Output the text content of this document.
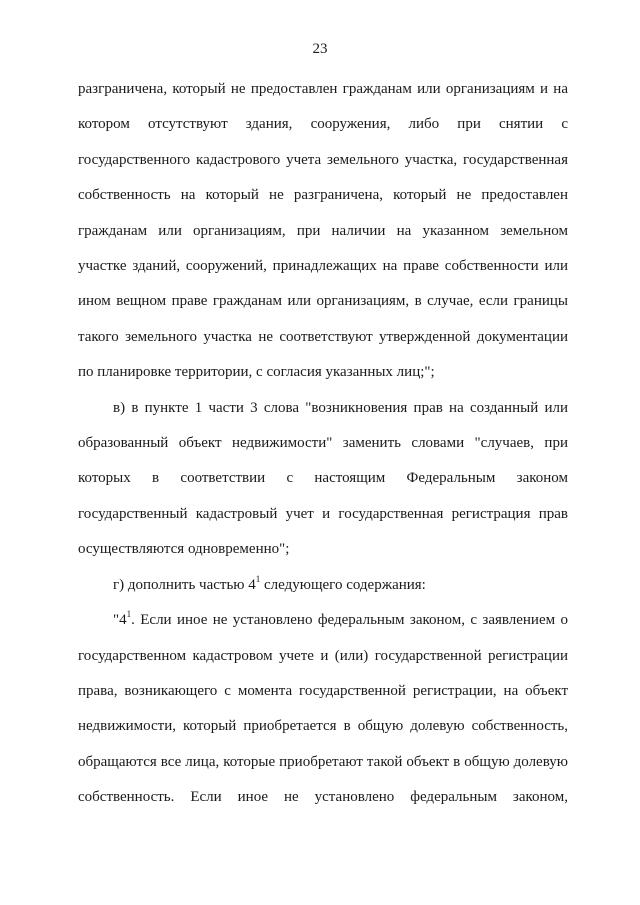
23

разграничена, который не предоставлен гражданам или организациям и на котором отсутствуют здания, сооружения, либо при снятии с государственного кадастрового учета земельного участка, государственная собственность на который не разграничена, который не предоставлен гражданам или организациям, при наличии на указанном земельном участке зданий, сооружений, принадлежащих на праве собственности или ином вещном праве гражданам или организациям, в случае, если границы такого земельного участка не соответствуют утвержденной документации по планировке территории, с согласия указанных лиц;";

в) в пункте 1 части 3 слова "возникновения прав на созданный или образованный объект недвижимости" заменить словами "случаев, при которых в соответствии с настоящим Федеральным законом государственный кадастровый учет и государственная регистрация прав осуществляются одновременно";

г) дополнить частью $4^1$ следующего содержания:

"$4^1$. Если иное не установлено федеральным законом, с заявлением о государственном кадастровом учете и (или) государственной регистрации права, возникающего с момента государственной регистрации, на объект недвижимости, который приобретается в общую долевую собственность, обращаются все лица, которые приобретают такой объект в общую долевую собственность. Если иное не установлено федеральным законом,
